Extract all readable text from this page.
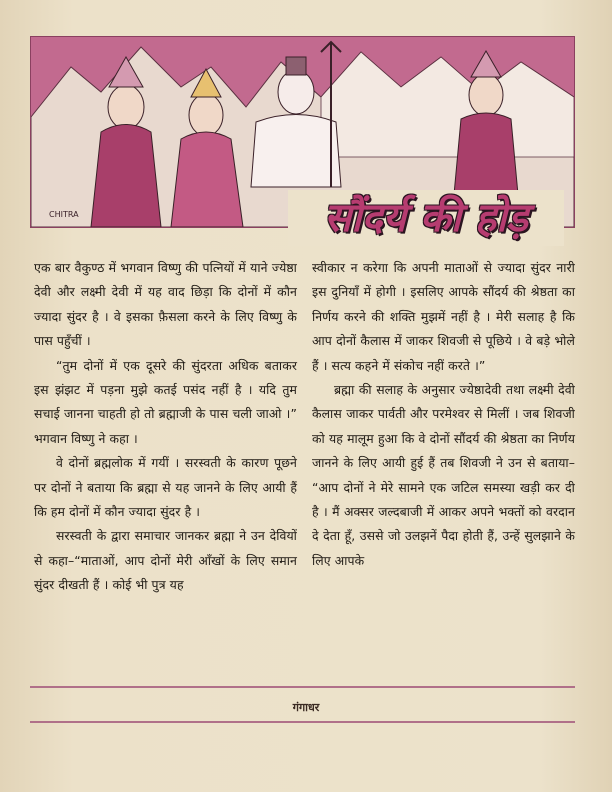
CHITRA	सौंदर्य की होड़

एक बार वैकुण्ठ में भगवान विष्णु की पत्नियों में याने ज्येष्ठा देवी और लक्ष्मी देवी में यह वाद छिड़ा कि दोनों में कौन ज्यादा सुंदर है । वे इसका फ़ैसला करने के लिए विष्णु के पास पहुँचीं ।

“तुम दोनों में एक दूसरे की सुंदरता अधिक बताकर इस झंझट में पड़ना मुझे कतई पसंद नहीं है । यदि तुम सचाई जानना चाहती हो तो ब्रह्माजी के पास चली जाओ ।” भगवान विष्णु ने कहा ।

वे दोनों ब्रह्मलोक में गयीं । सरस्वती के कारण पूछने पर दोनों ने बताया कि ब्रह्मा से यह जानने के लिए आयी हैं कि हम दोनों में कौन ज्यादा सुंदर है ।

सरस्वती के द्वारा समाचार जानकर ब्रह्मा ने उन देवियों से कहा–“माताओं, आप दोनों मेरी आँखों के लिए समान सुंदर दीखती हैं । कोई भी पुत्र यह

स्वीकार न करेगा कि अपनी माताओं से ज्यादा सुंदर नारी इस दुनियाँ में होगी । इसलिए आपके सौंदर्य की श्रेष्ठता का निर्णय करने की शक्ति मुझमें नहीं है । मेरी सलाह है कि आप दोनों कैलास में जाकर शिवजी से पूछिये । वे बड़े भोले हैं । सत्य कहने में संकोच नहीं करते ।”

ब्रह्मा की सलाह के अनुसार ज्येष्ठादेवी तथा लक्ष्मी देवी कैलास जाकर पार्वती और परमेश्वर से मिलीं । जब शिवजी को यह मालूम हुआ कि वे दोनों सौंदर्य की श्रेष्ठता का निर्णय जानने के लिए आयी हुई हैं तब शिवजी ने उन से बताया– “आप दोनों ने मेरे सामने एक जटिल समस्या खड़ी कर दी है । मैं अक्सर जल्दबाजी में आकर अपने भक्तों को वरदान दे देता हूँ, उससे जो उलझनें पैदा होती हैं, उन्हें सुलझाने के लिए आपके

गंगाधर
